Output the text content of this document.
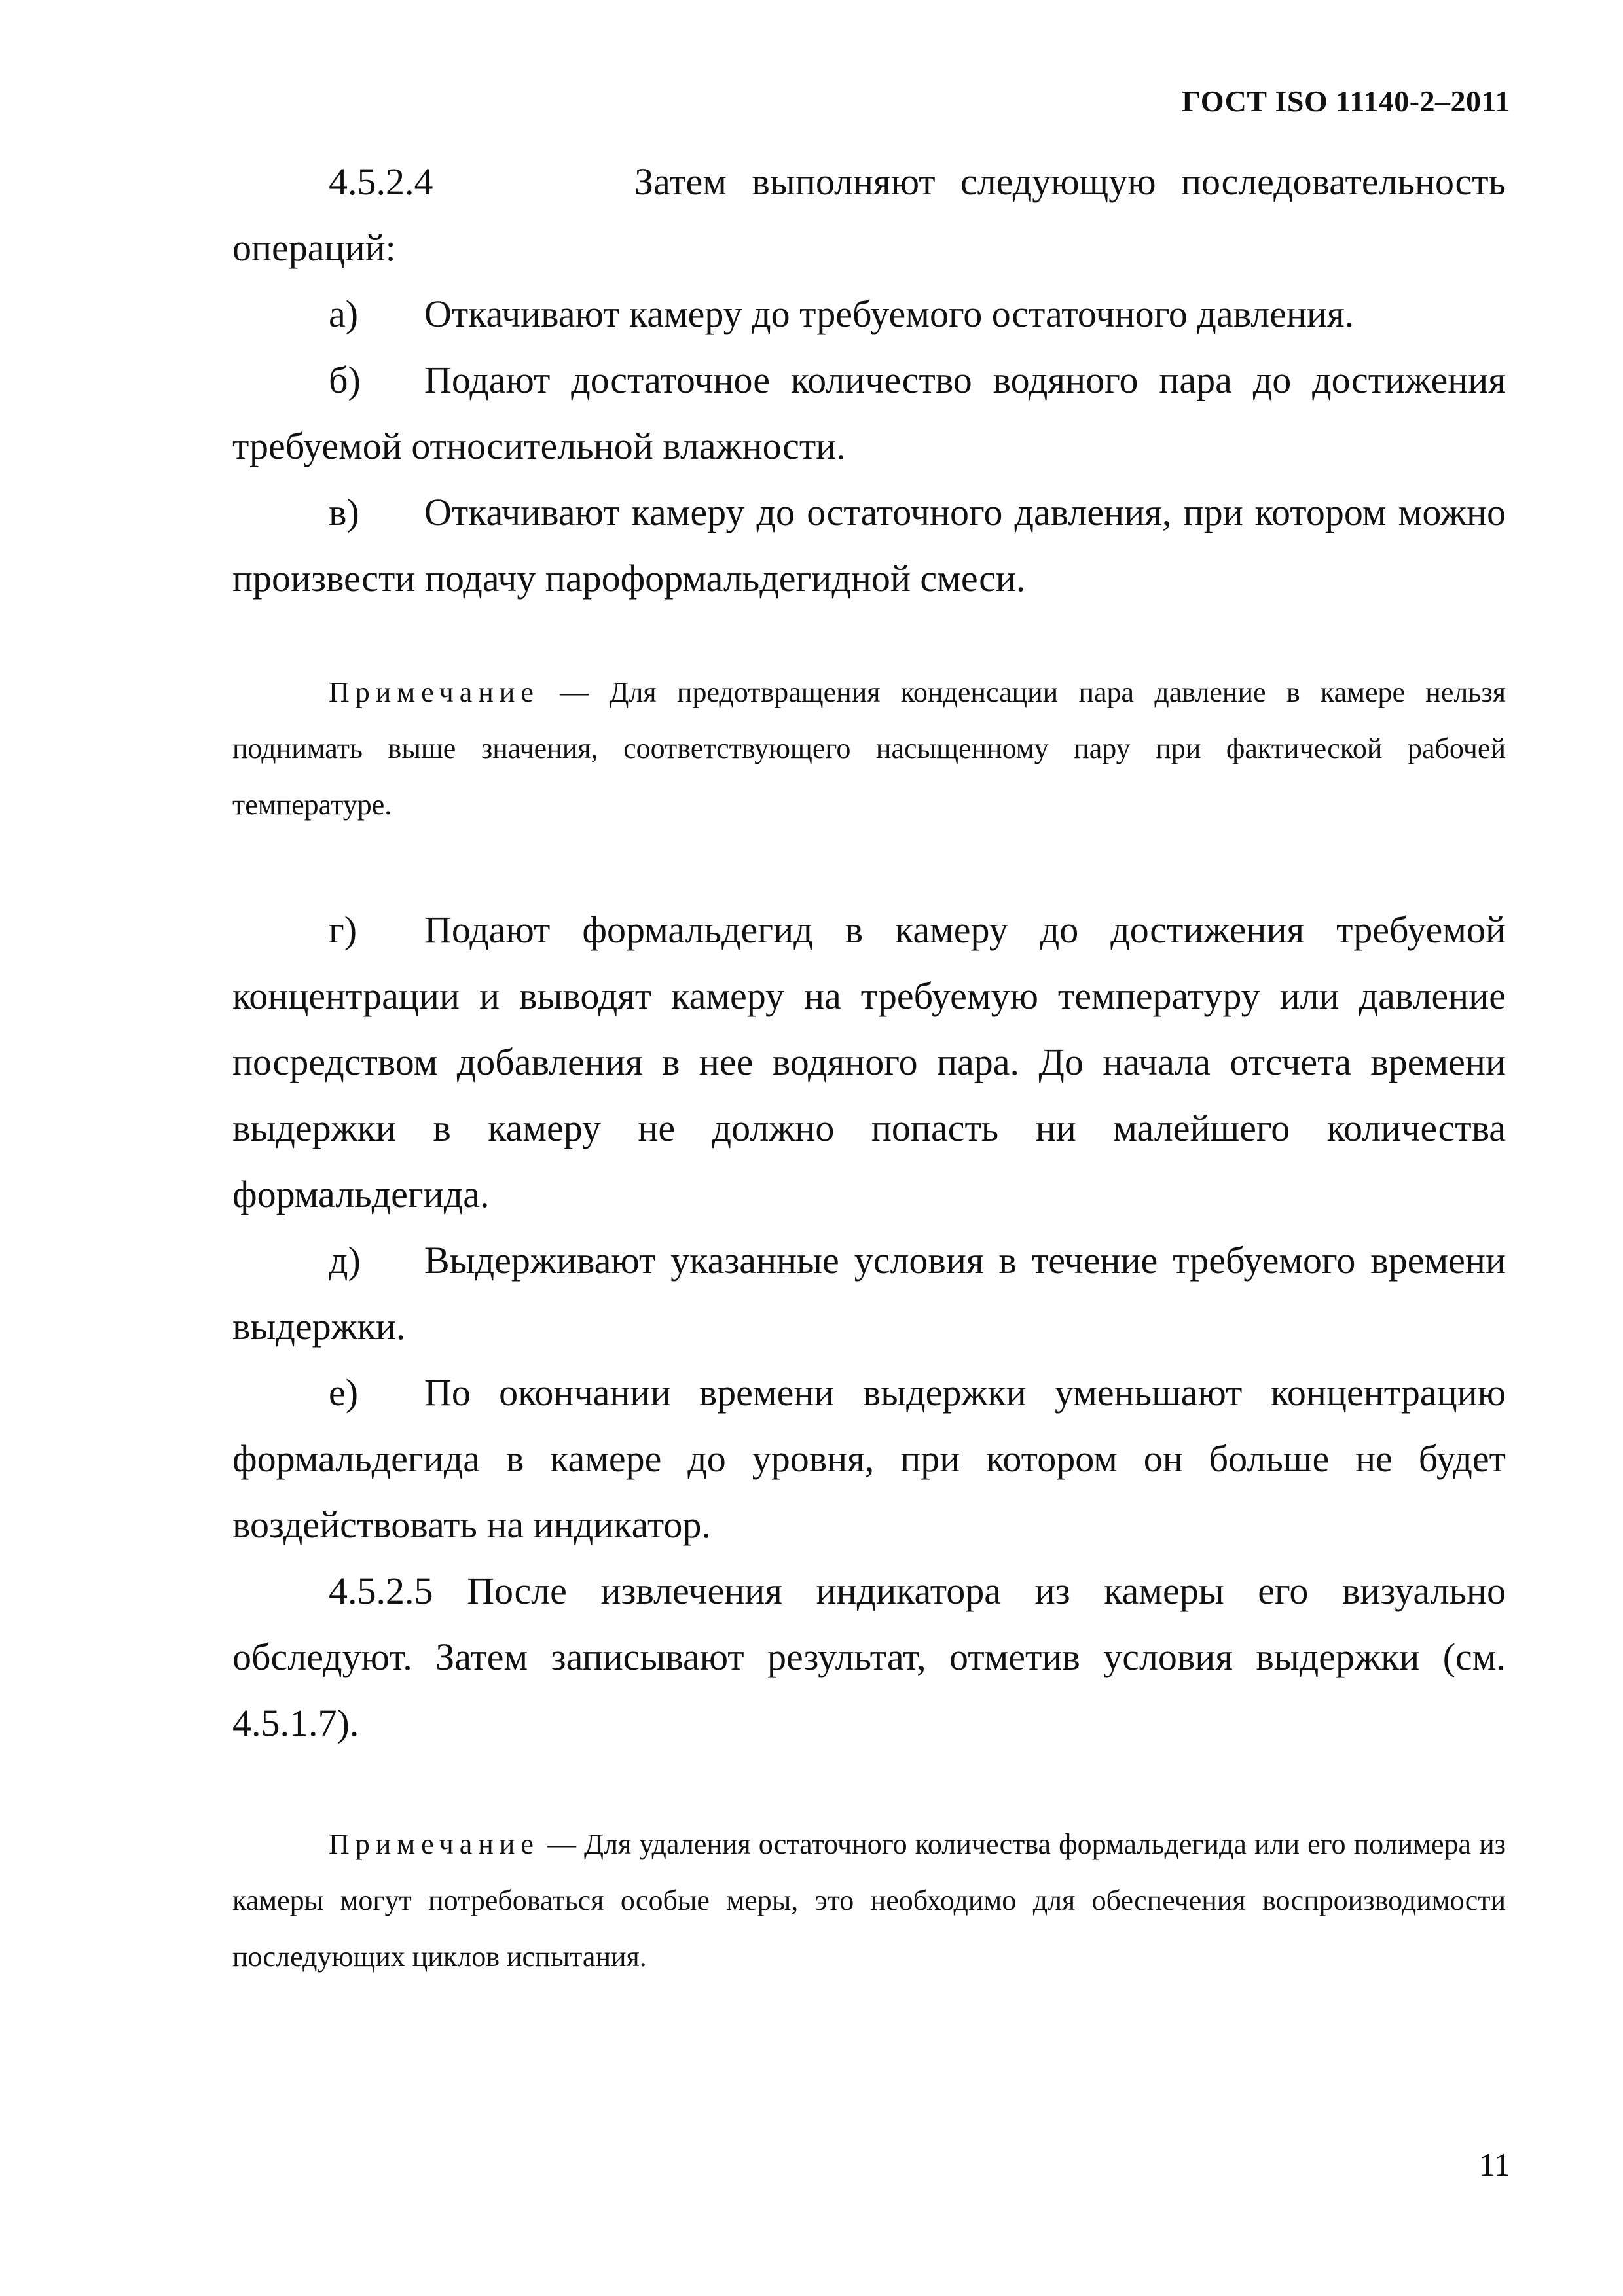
ГОСТ ISO 11140-2–2011

4.5.2.4	Затем выполняют следующую последовательность операций:

а) Откачивают камеру до требуемого остаточного давления.

б) Подают достаточное количество водяного пара до достижения требуемой относительной влажности.

в) Откачивают камеру до остаточного давления, при котором можно произвести подачу пароформальдегидной смеси.

Примечание — Для предотвращения конденсации пара давление в камере нельзя поднимать выше значения, соответствующего насыщенному пару при фактической рабочей температуре.

г) Подают формальдегид в камеру до достижения требуемой концентрации и выводят камеру на требуемую температуру или давление посредством добавления в нее водяного пара. До начала отсчета времени выдержки в камеру не должно попасть ни малейшего количества формальдегида.

д) Выдерживают указанные условия в течение требуемого времени выдержки.

е) По окончании времени выдержки уменьшают концентрацию формальдегида в камере до уровня, при котором он больше не будет воздействовать на индикатор.

4.5.2.5 После извлечения индикатора из камеры его визуально обследуют. Затем записывают результат, отметив условия выдержки (см. 4.5.1.7).

Примечание — Для удаления остаточного количества формальдегида или его полимера из камеры могут потребоваться особые меры, это необходимо для обеспечения воспроизводимости последующих циклов испытания.

11
